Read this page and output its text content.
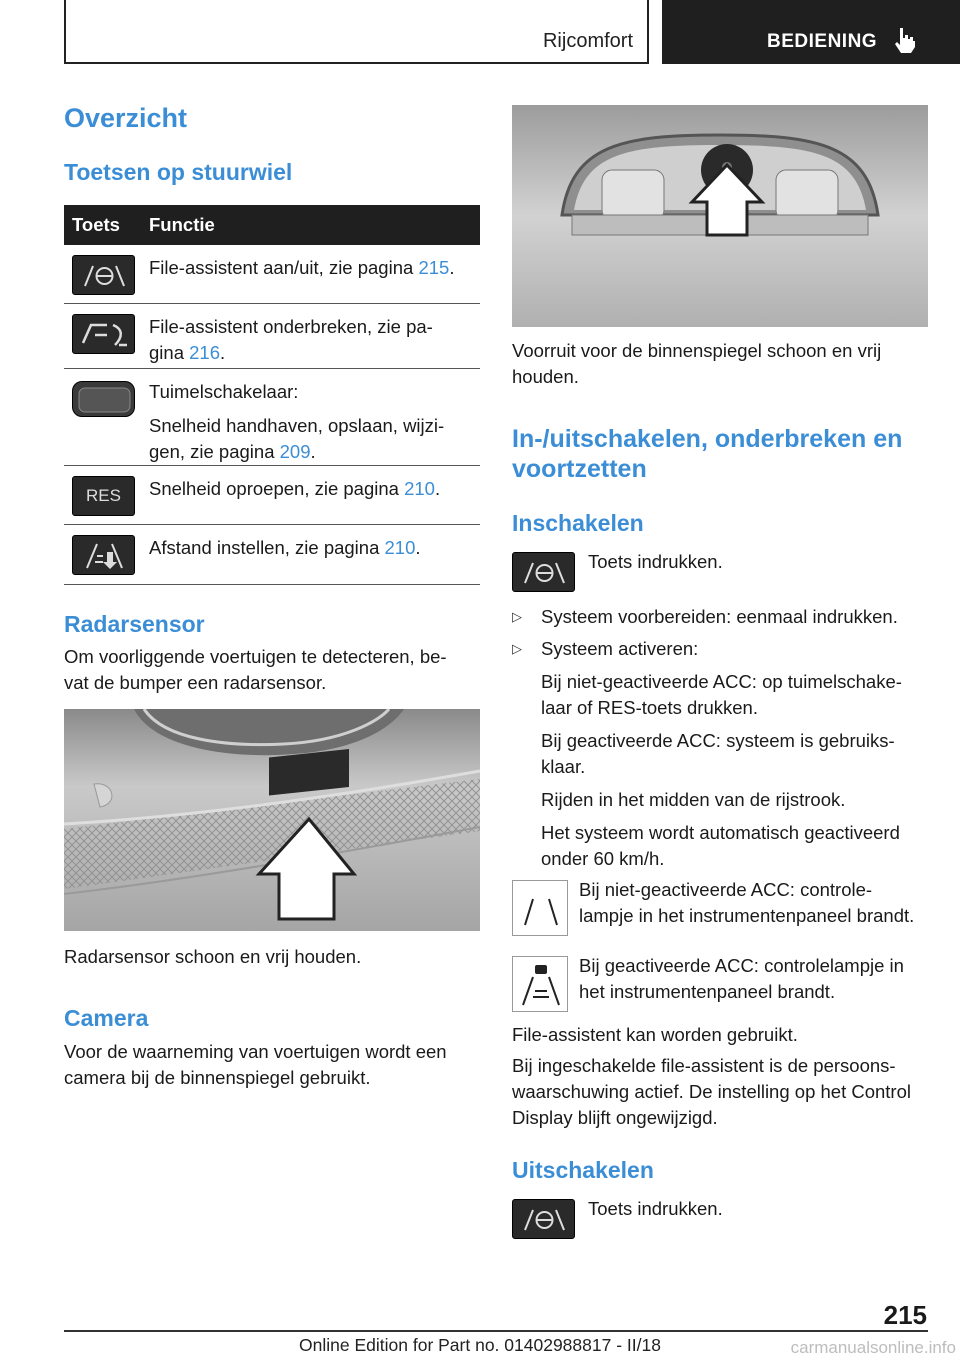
Rijcomfort	BEDIENING
Overzicht
Toetsen op stuurwiel
Toets Functie
File-assistent aan/uit, zie pagina 215.
File-assistent onderbreken, zie pa-
gina 216.
Tuimelschakelaar:
Snelheid handhaven, opslaan, wijzi-
gen, zie pagina 209.
RES	Snelheid oproepen, zie pagina 210.
Afstand instellen, zie pagina 210.
Radarsensor
Om voorliggende voertuigen te detecteren, be-
vat de bumper een radarsensor.
Radarsensor schoon en vrij houden.
Camera
Voor de waarneming van voertuigen wordt een
camera bij de binnenspiegel gebruikt.
Voorruit voor de binnenspiegel schoon en vrij
houden.
In-/uitschakelen, onderbreken en
voortzetten
Inschakelen
Toets indrukken.
▷ Systeem voorbereiden: eenmaal indrukken.
▷ Systeem activeren:
Bij niet-geactiveerde ACC: op tuimelschake-
laar of RES-toets drukken.
Bij geactiveerde ACC: systeem is gebruiks-
klaar.
Rijden in het midden van de rijstrook.
Het systeem wordt automatisch geactiveerd
onder 60 km/h.
Bij niet-geactiveerde ACC: controle-
lampje in het instrumentenpaneel brandt.
Bij geactiveerde ACC: controlelampje in
het instrumentenpaneel brandt.
File-assistent kan worden gebruikt.
Bij ingeschakelde file-assistent is de persoons-
waarschuwing actief. De instelling op het Control
Display blijft ongewijzigd.
Uitschakelen
Toets indrukken.
215
Online Edition for Part no. 01402988817 - II/18	carmanualsonline.info
